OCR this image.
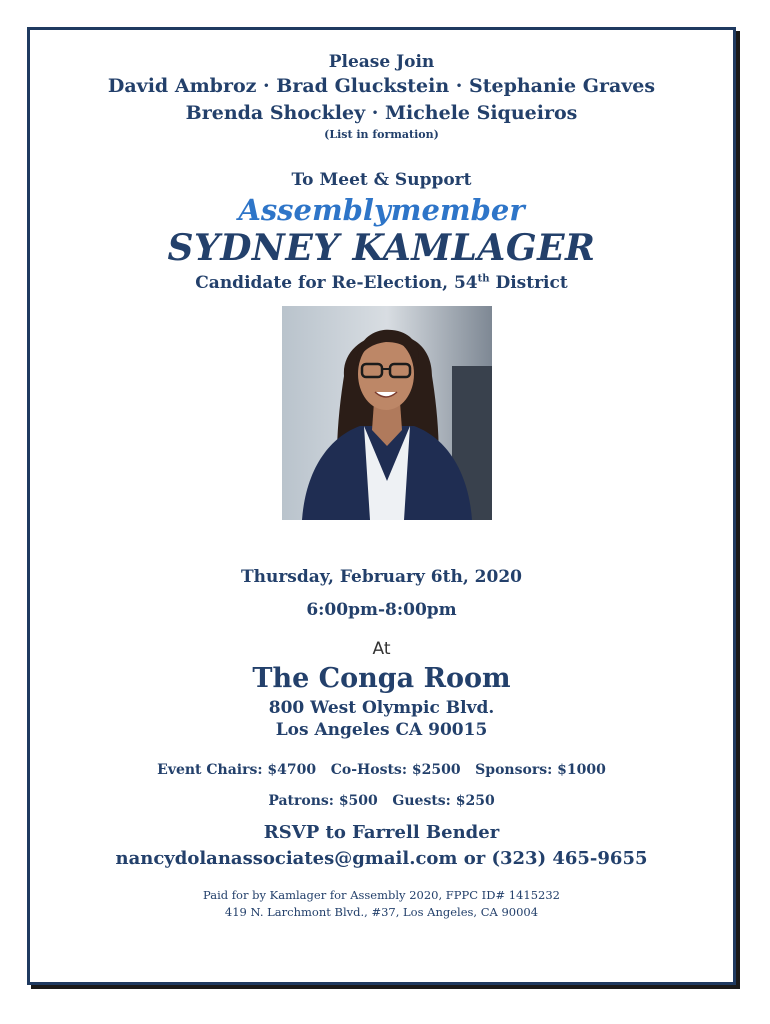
Please Join
David Ambroz · Brad Gluckstein · Stephanie Graves
Brenda Shockley · Michele Siqueiros
(List in formation)
To Meet & Support
Assemblymember
SYDNEY KAMLAGER
Candidate for Re-Election, 54th District
Thursday, February 6th, 2020
6:00pm-8:00pm
At
The Conga Room
800 West Olympic Blvd.
Los Angeles CA 90015
Event Chairs: $4700   Co-Hosts: $2500   Sponsors: $1000
Patrons: $500   Guests: $250
RSVP to Farrell Bender
nancydolanassociates@gmail.com or (323) 465-9655
Paid for by Kamlager for Assembly 2020, FPPC ID# 1415232
419 N. Larchmont Blvd., #37, Los Angeles, CA 90004
